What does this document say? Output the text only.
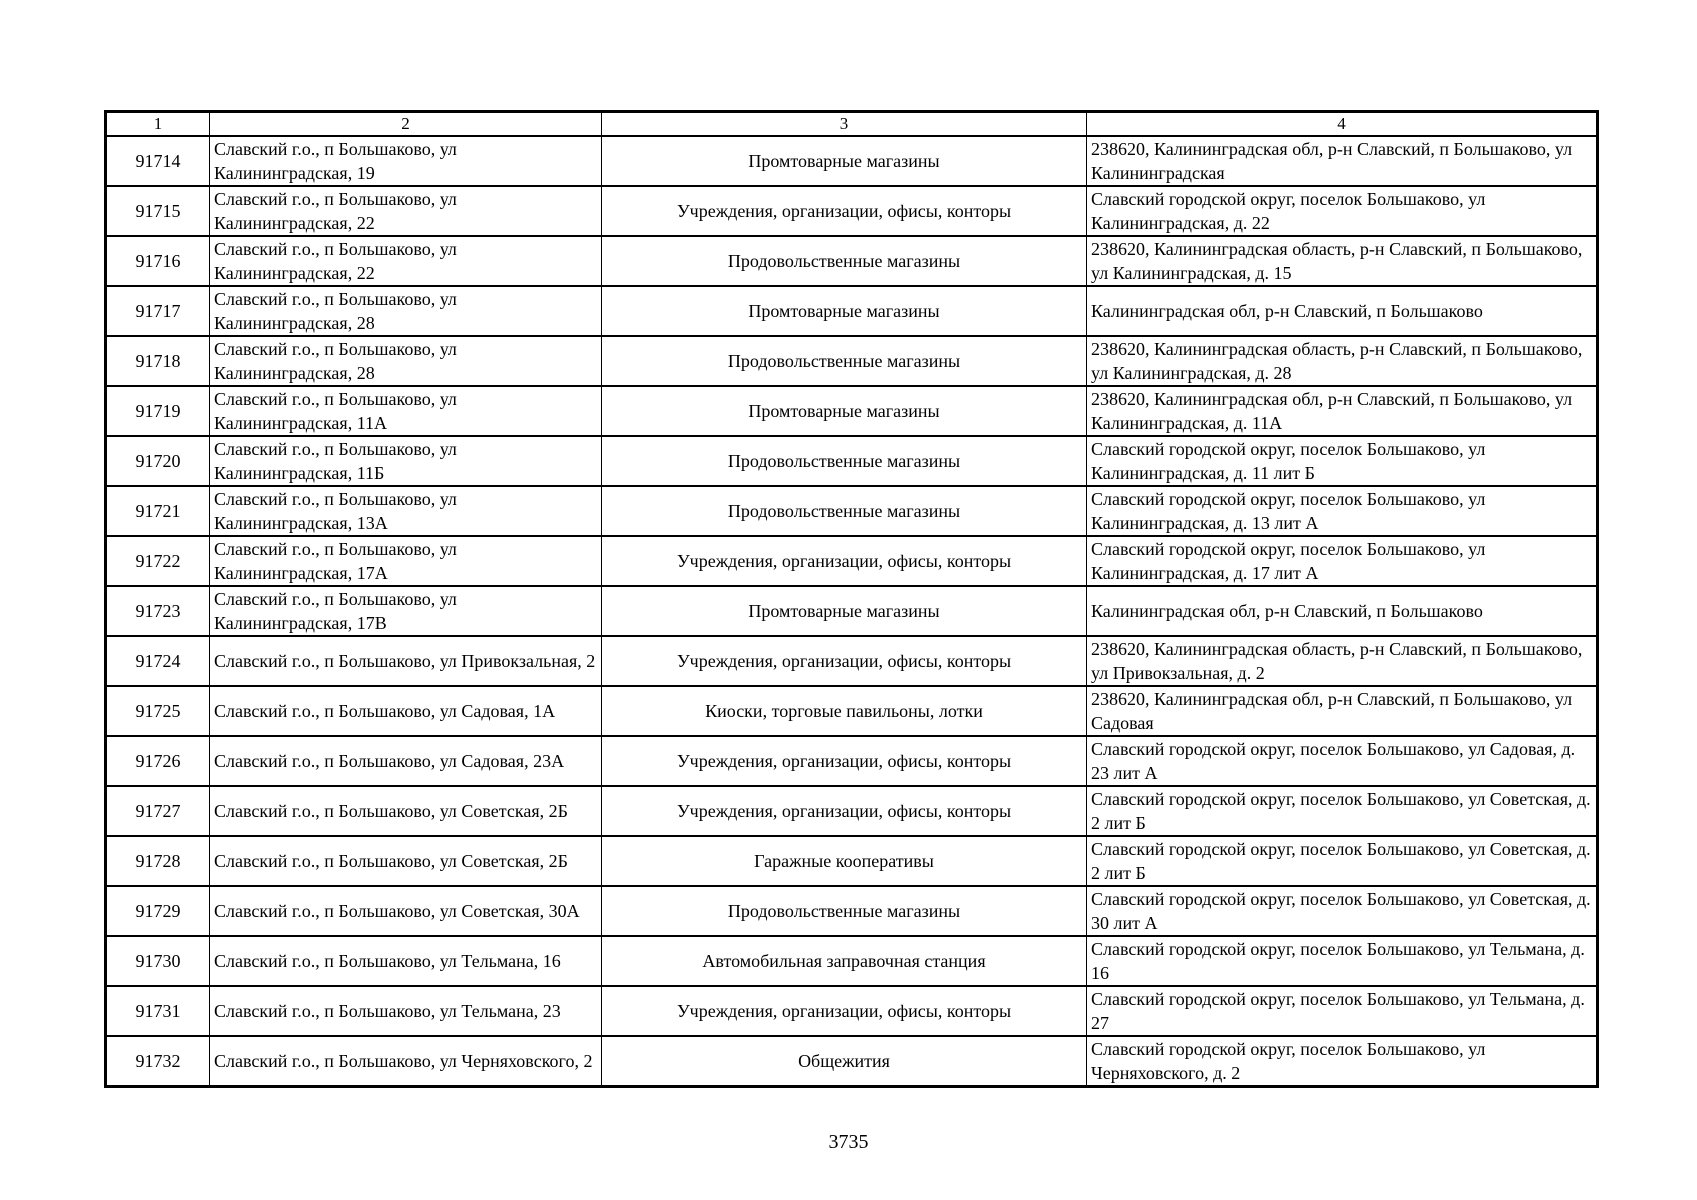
1	2	3	4
91714	Славский г.о., п Большаково, ул Калининградская, 19	Промтоварные магазины	238620, Калининградская обл, р-н Славский, п Большаково, ул Калининградская
91715	Славский г.о., п Большаково, ул Калининградская, 22	Учреждения, организации, офисы, конторы	Славский городской округ, поселок Большаково, ул Калининградская, д. 22
91716	Славский г.о., п Большаково, ул Калининградская, 22	Продовольственные магазины	238620, Калининградская область, р-н Славский, п Большаково, ул Калининградская, д. 15
91717	Славский г.о., п Большаково, ул Калининградская, 28	Промтоварные магазины	Калининградская обл, р-н Славский, п Большаково
91718	Славский г.о., п Большаково, ул Калининградская, 28	Продовольственные магазины	238620, Калининградская область, р-н Славский, п Большаково, ул Калининградская, д. 28
91719	Славский г.о., п Большаково, ул Калининградская, 11А	Промтоварные магазины	238620, Калининградская обл, р-н Славский, п Большаково, ул Калининградская, д. 11А
91720	Славский г.о., п Большаково, ул Калининградская, 11Б	Продовольственные магазины	Славский городской округ, поселок Большаково, ул Калининградская, д. 11 лит Б
91721	Славский г.о., п Большаково, ул Калининградская, 13А	Продовольственные магазины	Славский городской округ, поселок Большаково, ул Калининградская, д. 13 лит А
91722	Славский г.о., п Большаково, ул Калининградская, 17А	Учреждения, организации, офисы, конторы	Славский городской округ, поселок Большаково, ул Калининградская, д. 17 лит А
91723	Славский г.о., п Большаково, ул Калининградская, 17В	Промтоварные магазины	Калининградская обл, р-н Славский, п Большаково
91724	Славский г.о., п Большаково, ул Привокзальная, 2	Учреждения, организации, офисы, конторы	238620, Калининградская область, р-н Славский, п Большаково, ул Привокзальная, д. 2
91725	Славский г.о., п Большаково, ул Садовая, 1А	Киоски, торговые павильоны, лотки	238620, Калининградская обл, р-н Славский, п Большаково, ул Садовая
91726	Славский г.о., п Большаково, ул Садовая, 23А	Учреждения, организации, офисы, конторы	Славский городской округ, поселок Большаково, ул Садовая, д. 23 лит А
91727	Славский г.о., п Большаково, ул Советская, 2Б	Учреждения, организации, офисы, конторы	Славский городской округ, поселок Большаково, ул Советская, д. 2 лит Б
91728	Славский г.о., п Большаково, ул Советская, 2Б	Гаражные кооперативы	Славский городской округ, поселок Большаково, ул Советская, д. 2 лит Б
91729	Славский г.о., п Большаково, ул Советская, 30А	Продовольственные магазины	Славский городской округ, поселок Большаково, ул Советская, д. 30 лит А
91730	Славский г.о., п Большаково, ул Тельмана, 16	Автомобильная заправочная станция	Славский городской округ, поселок Большаково, ул Тельмана, д. 16
91731	Славский г.о., п Большаково, ул Тельмана, 23	Учреждения, организации, офисы, конторы	Славский городской округ, поселок Большаково, ул Тельмана, д. 27
91732	Славский г.о., п Большаково, ул Черняховского, 2	Общежития	Славский городской округ, поселок Большаково, ул Черняховского, д. 2
3735
